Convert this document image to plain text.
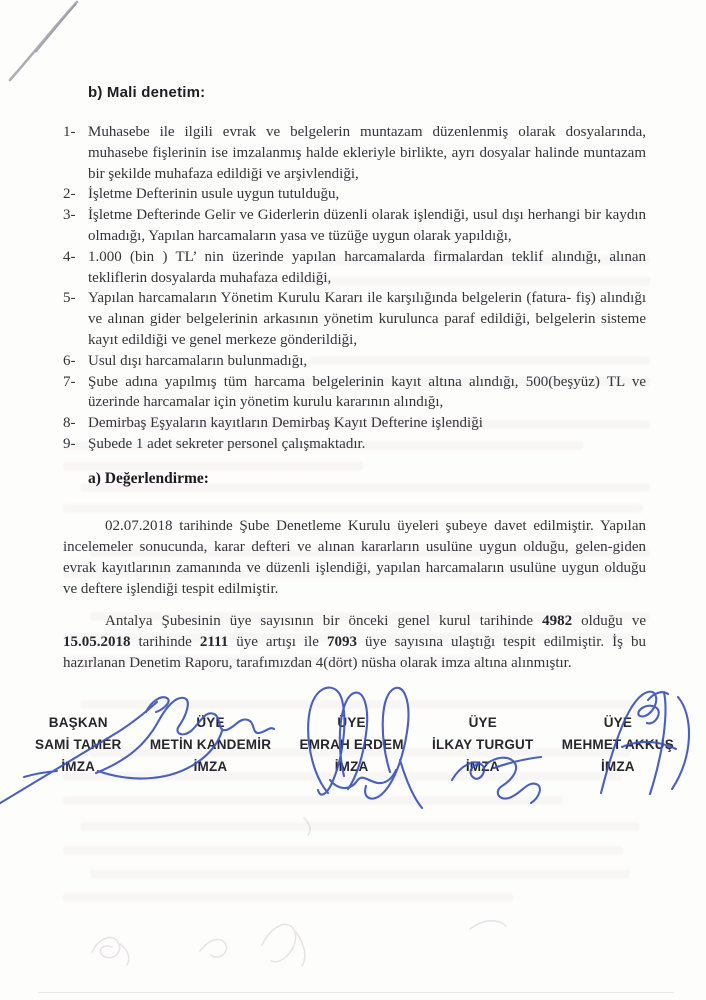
b) Mali denetim:
1- Muhasebe ile ilgili evrak ve belgelerin muntazam düzenlenmiş olarak dosyalarında, muhasebe fişlerinin ise imzalanmış halde ekleriyle birlikte, ayrı dosyalar halinde muntazam bir şekilde muhafaza edildiği ve arşivlendiği,
2- İşletme Defterinin usule uygun tutulduğu,
3- İşletme Defterinde Gelir ve Giderlerin düzenli olarak işlendiği, usul dışı herhangi bir kaydın olmadığı, Yapılan harcamaların yasa ve tüzüğe uygun olarak yapıldığı,
4- 1.000 (bin ) TL’ nin üzerinde yapılan harcamalarda firmalardan teklif alındığı, alınan tekliflerin dosyalarda muhafaza edildiği,
5- Yapılan harcamaların Yönetim Kurulu Kararı ile karşılığında belgelerin (fatura- fiş) alındığı ve alınan gider belgelerinin arkasının yönetim kurulunca paraf edildiği, belgelerin sisteme kayıt edildiği ve genel merkeze gönderildiği,
6- Usul dışı harcamaların bulunmadığı,
7- Şube adına yapılmış tüm harcama belgelerinin kayıt altına alındığı, 500(beşyüz) TL ve üzerinde harcamalar için yönetim kurulu kararının alındığı,
8- Demirbaş Eşyaların kayıtların Demirbaş Kayıt Defterine işlendiği
9- Şubede 1 adet sekreter personel çalışmaktadır.
a) Değerlendirme:

02.07.2018 tarihinde Şube Denetleme Kurulu üyeleri şubeye davet edilmiştir. Yapılan incelemeler sonucunda, karar defteri ve alınan kararların usulüne uygun olduğu, gelen-giden evrak kayıtlarının zamanında ve düzenli işlendiği, yapılan harcamaların usulüne uygun olduğu ve deftere işlendiği tespit edilmiştir.

Antalya Şubesinin üye sayısının bir önceki genel kurul tarihinde 4982 olduğu ve 15.05.2018 tarihinde 2111 üye artışı ile 7093 üye sayısına ulaştığı tespit edilmiştir. İş bu hazırlanan Denetim Raporu, tarafımızdan 4(dört) nüsha olarak imza altına alınmıştır.

BAŞKAN
SAMİ TAMER
İMZA
ÜYE
METİN KANDEMİR
İMZA
ÜYE
EMRAH ERDEM
İMZA
ÜYE
İLKAY TURGUT
İMZA
ÜYE
MEHMET AKKUŞ
İMZA
